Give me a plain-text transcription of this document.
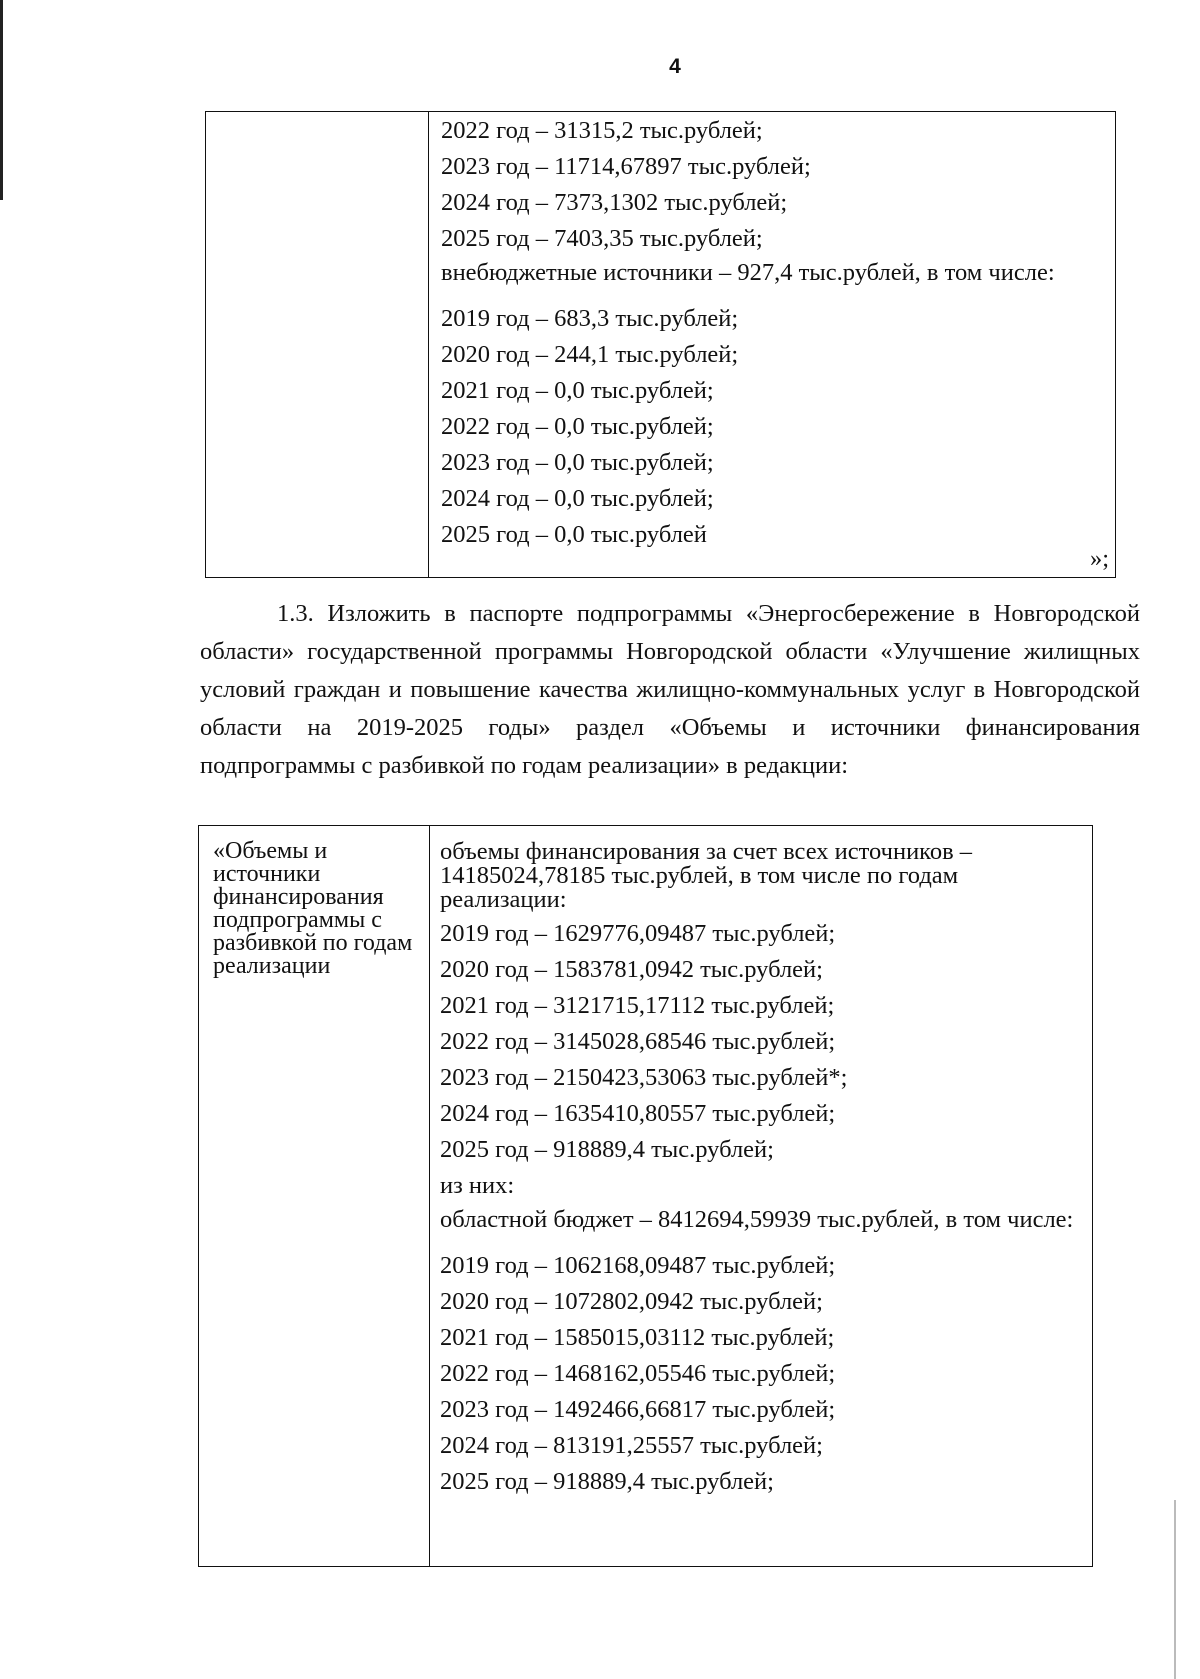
4

2022 год – 31315,2 тыс.рублей;
2023 год – 11714,67897 тыс.рублей;
2024 год – 7373,1302 тыс.рублей;
2025 год – 7403,35 тыс.рублей;
внебюджетные источники – 927,4 тыс.рублей, в том числе:
2019 год – 683,3 тыс.рублей;
2020 год – 244,1 тыс.рублей;
2021 год – 0,0 тыс.рублей;
2022 год – 0,0 тыс.рублей;
2023 год – 0,0 тыс.рублей;
2024 год – 0,0 тыс.рублей;
2025 год – 0,0 тыс.рублей
»;
1.3. Изложить в паспорте подпрограммы «Энергосбережение в Новгородской области» государственной программы Новгородской области «Улучшение жилищных условий граждан и повышение качества жилищно-коммунальных услуг в Новгородской области на 2019-2025 годы» раздел «Объемы и источники финансирования подпрограммы с разбивкой по годам реализации» в редакции:
«Объемы и источники финансирования подпрограммы с разбивкой по годам реализации	
объемы финансирования за счет всех источников – 14185024,78185 тыс.рублей, в том числе по годам реализации:
2019 год – 1629776,09487 тыс.рублей;
2020 год – 1583781,0942 тыс.рублей;
2021 год – 3121715,17112 тыс.рублей;
2022 год – 3145028,68546 тыс.рублей;
2023 год – 2150423,53063 тыс.рублей*;
2024 год – 1635410,80557 тыс.рублей;
2025 год – 918889,4 тыс.рублей;
из них:
областной бюджет – 8412694,59939 тыс.рублей, в том числе:
2019 год – 1062168,09487 тыс.рублей;
2020 год – 1072802,0942 тыс.рублей;
2021 год – 1585015,03112 тыс.рублей;
2022 год – 1468162,05546 тыс.рублей;
2023 год – 1492466,66817 тыс.рублей;
2024 год – 813191,25557 тыс.рублей;
2025 год – 918889,4 тыс.рублей;
